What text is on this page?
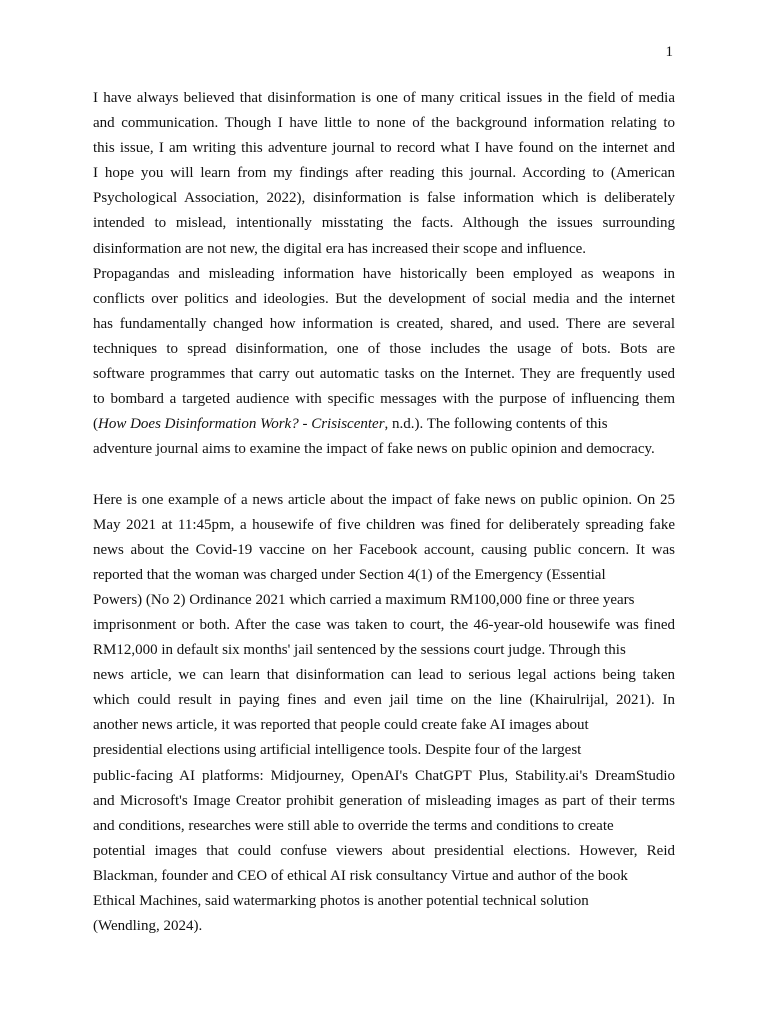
1

I have always believed that disinformation is one of many critical issues in the field of media
and communication. Though I have little to none of the background information relating to
this issue, I am writing this adventure journal to record what I have found on the internet and
I hope you will learn from my findings after reading this journal. According to (American
Psychological Association, 2022), disinformation is false information which is deliberately
intended to mislead, intentionally misstating the facts. Although the issues surrounding
disinformation are not new, the digital era has increased their scope and influence.
Propagandas and misleading information have historically been employed as weapons in
conflicts over politics and ideologies. But the development of social media and the internet
has fundamentally changed how information is created, shared, and used. There are several
techniques to spread disinformation, one of those includes the usage of bots. Bots are
software programmes that carry out automatic tasks on the Internet. They are frequently used
to bombard a targeted audience with specific messages with the purpose of influencing them
(How Does Disinformation Work? - Crisiscenter, n.d.). The following contents of this
adventure journal aims to examine the impact of fake news on public opinion and democracy.

Here is one example of a news article about the impact of fake news on public opinion. On 25
May 2021 at 11:45pm, a housewife of five children was fined for deliberately spreading fake
news about the Covid-19 vaccine on her Facebook account, causing public concern. It was
reported that the woman was charged under Section 4(1) of the Emergency (Essential
Powers) (No 2) Ordinance 2021 which carried a maximum RM100,000 fine or three years
imprisonment or both. After the case was taken to court, the 46-year-old housewife was fined
RM12,000 in default six months' jail sentenced by the sessions court judge. Through this
news article, we can learn that disinformation can lead to serious legal actions being taken
which could result in paying fines and even jail time on the line (Khairulrijal, 2021). In
another news article, it was reported that people could create fake AI images about
presidential elections using artificial intelligence tools. Despite four of the largest
public-facing AI platforms: Midjourney, OpenAI's ChatGPT Plus, Stability.ai's DreamStudio
and Microsoft's Image Creator prohibit generation of misleading images as part of their terms
and conditions, researches were still able to override the terms and conditions to create
potential images that could confuse viewers about presidential elections. However, Reid
Blackman, founder and CEO of ethical AI risk consultancy Virtue and author of the book
Ethical Machines, said watermarking photos is another potential technical solution
(Wendling, 2024).
